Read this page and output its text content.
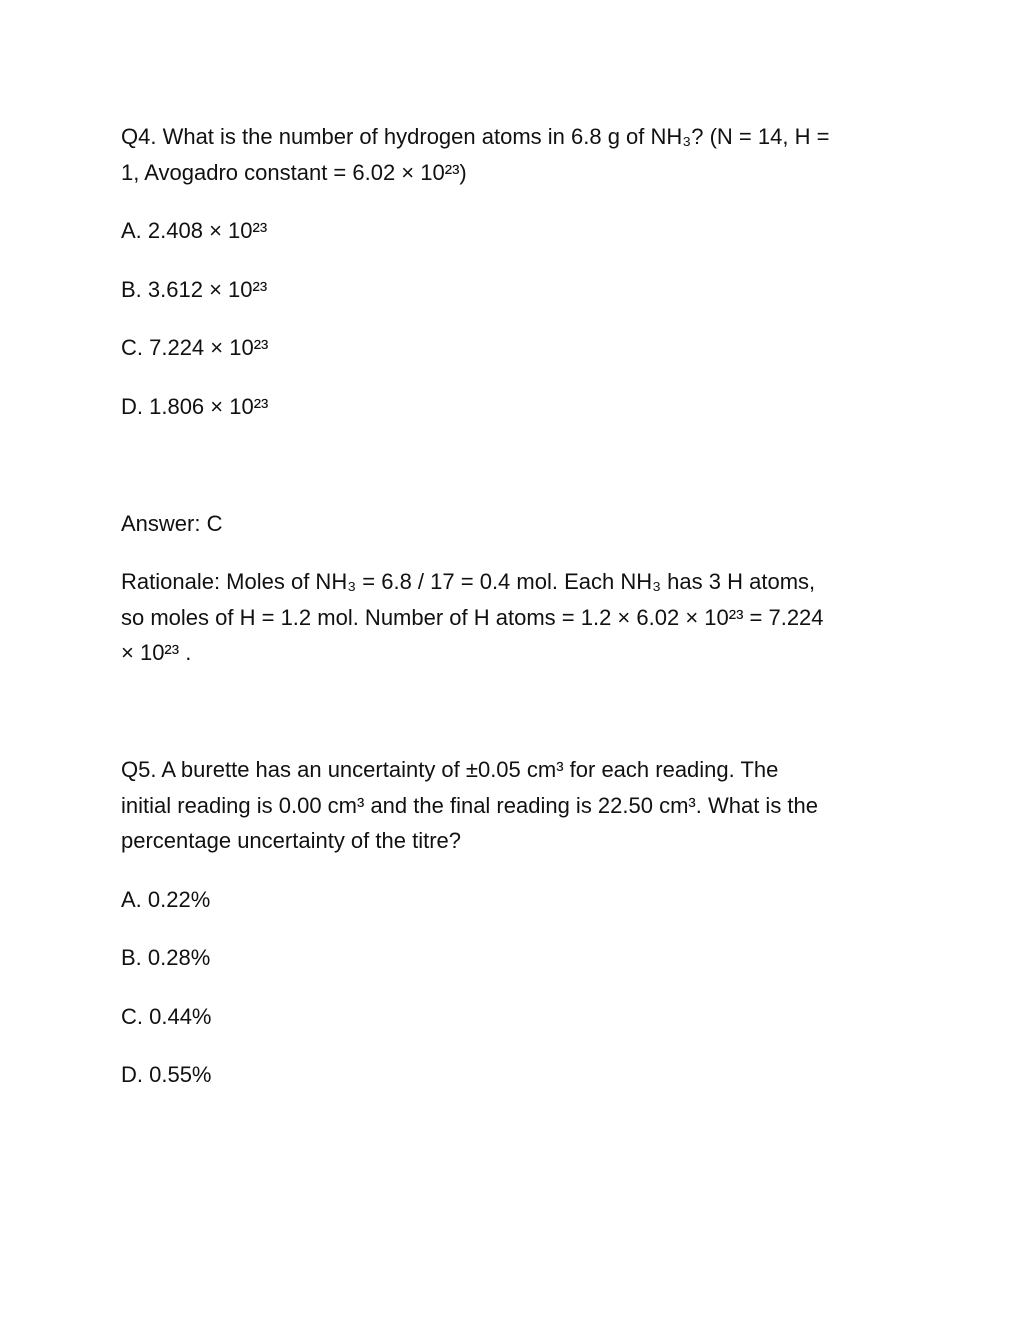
Q4. What is the number of hydrogen atoms in 6.8 g of NH₃? (N = 14, H =
1, Avogadro constant = 6.02 × 10²³)
A. 2.408 × 10²³
B. 3.612 × 10²³
C. 7.224 × 10²³
D. 1.806 × 10²³
Answer: C
Rationale: Moles of NH₃ = 6.8 / 17 = 0.4 mol. Each NH₃ has 3 H atoms,
so moles of H = 1.2 mol. Number of H atoms = 1.2 × 6.02 × 10²³ = 7.224
× 10²³ .
Q5. A burette has an uncertainty of ±0.05 cm³ for each reading. The
initial reading is 0.00 cm³ and the final reading is 22.50 cm³. What is the
percentage uncertainty of the titre?
A. 0.22%
B. 0.28%
C. 0.44%
D. 0.55%
